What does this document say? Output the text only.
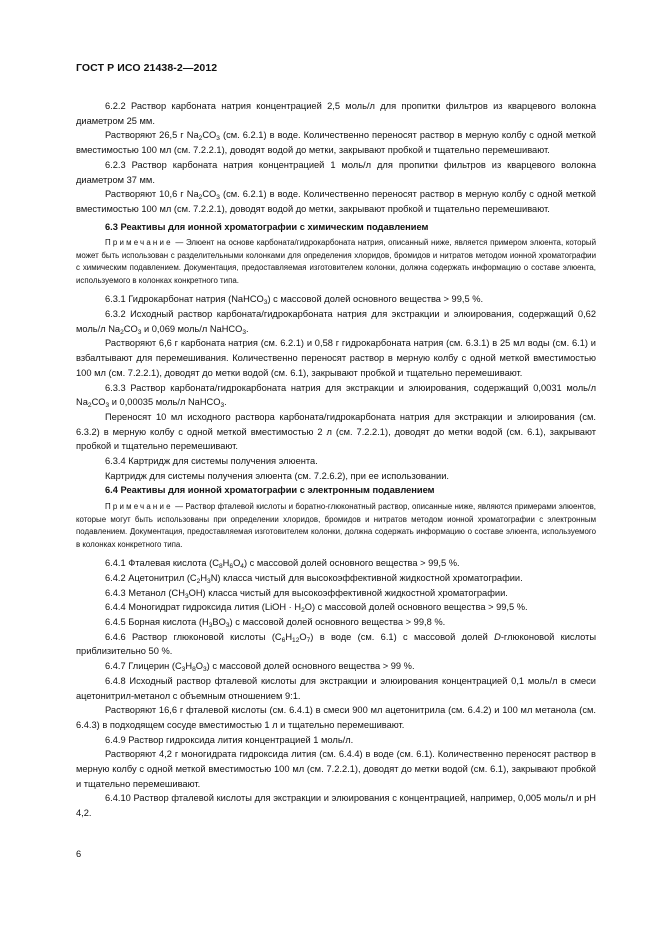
ГОСТ Р ИСО 21438-2—2012

6.2.2 Раствор карбоната натрия концентрацией 2,5 моль/л для пропитки фильтров из кварцевого волокна диаметром 25 мм.

Растворяют 26,5 г $Na_2CO_3$ (см. 6.2.1) в воде. Количественно переносят раствор в мерную колбу с одной меткой вместимостью 100 мл (см. 7.2.2.1), доводят водой до метки, закрывают пробкой и тщательно перемешивают.

6.2.3 Раствор карбоната натрия концентрацией 1 моль/л для пропитки фильтров из кварцевого волокна диаметром 37 мм.

Растворяют 10,6 г $Na_2CO_3$ (см. 6.2.1) в воде. Количественно переносят раствор в мерную колбу с одной меткой вместимостью 100 мл (см. 7.2.2.1), доводят водой до метки, закрывают пробкой и тщательно перемешивают.

6.3 Реактивы для ионной хроматографии с химическим подавлением

Примечание — Элюент на основе карбоната/гидрокарбоната натрия, описанный ниже, является примером элюента, который может быть использован с разделительными колонками для определения хлоридов, бромидов и нитратов методом ионной хроматографии с химическим подавлением. Документация, предоставляемая изготовителем колонки, должна содержать информацию о составе элюента, используемого в колонках конкретного типа.

6.3.1 Гидрокарбонат натрия (NaHCO$_3$) с массовой долей основного вещества > 99,5 %.

6.3.2 Исходный раствор карбоната/гидрокарбоната натрия для экстракции и элюирования, содержащий 0,62 моль/л $Na_2CO_3$ и 0,069 моль/л NaHCO$_3$.

Растворяют 6,6 г карбоната натрия (см. 6.2.1) и 0,58 г гидрокарбоната натрия (см. 6.3.1) в 25 мл воды (см. 6.1) и взбалтывают для перемешивания. Количественно переносят раствор в мерную колбу с одной меткой вместимостью 100 мл (см. 7.2.2.1), доводят до метки водой (см. 6.1), закрывают пробкой и тщательно перемешивают.

6.3.3 Раствор карбоната/гидрокарбоната натрия для экстракции и элюирования, содержащий 0,0031 моль/л $Na_2CO_3$ и 0,00035 моль/л NaHCO$_3$.

Переносят 10 мл исходного раствора карбоната/гидрокарбоната натрия для экстракции и элюирования (см. 6.3.2) в мерную колбу с одной меткой вместимостью 2 л (см. 7.2.2.1), доводят до метки водой (см. 6.1), закрывают пробкой и тщательно перемешивают.

6.3.4 Картридж для системы получения элюента.

Картридж для системы получения элюента (см. 7.2.6.2), при ее использовании.

6.4 Реактивы для ионной хроматографии с электронным подавлением

Примечание — Раствор фталевой кислоты и боратно-глюконатный раствор, описанные ниже, являются примерами элюентов, которые могут быть использованы при определении хлоридов, бромидов и нитратов методом ионной хроматографии с электронным подавлением. Документация, предоставляемая изготовителем колонки, должна содержать информацию о составе элюента, используемого в колонках конкретного типа.

6.4.1 Фталевая кислота $(C_8H_6O_4)$ с массовой долей основного вещества > 99,5 %.

6.4.2 Ацетонитрил $(C_2H_3N)$ класса чистый для высокоэффективной жидкостной хроматографии.

6.4.3 Метанол $(CH_3OH)$ класса чистый для высокоэффективной жидкостной хроматографии.

6.4.4 Моногидрат гидроксида лития (LiOH · $H_2O$) с массовой долей основного вещества > 99,5 %.

6.4.5 Борная кислота $(H_3BO_3)$ с массовой долей основного вещества > 99,8 %.

6.4.6 Раствор глюконовой кислоты $(C_6H_{12}O_7)$ в воде (см. 6.1) с массовой долей D-глюконовой кислоты приблизительно 50 %.

6.4.7 Глицерин $(C_3H_8O_3)$ с массовой долей основного вещества > 99 %.

6.4.8 Исходный раствор фталевой кислоты для экстракции и элюирования концентрацией 0,1 моль/л в смеси ацетонитрил-метанол с объемным отношением 9:1.

Растворяют 16,6 г фталевой кислоты (см. 6.4.1) в смеси 900 мл ацетонитрила (см. 6.4.2) и 100 мл метанола (см. 6.4.3) в подходящем сосуде вместимостью 1 л и тщательно перемешивают.

6.4.9 Раствор гидроксида лития концентрацией 1 моль/л.

Растворяют 4,2 г моногидрата гидроксида лития (см. 6.4.4) в воде (см. 6.1). Количественно переносят раствор в мерную колбу с одной меткой вместимостью 100 мл (см. 7.2.2.1), доводят до метки водой (см. 6.1), закрывают пробкой и тщательно перемешивают.

6.4.10 Раствор фталевой кислоты для экстракции и элюирования с концентрацией, например, 0,005 моль/л и pH 4,2.

6
